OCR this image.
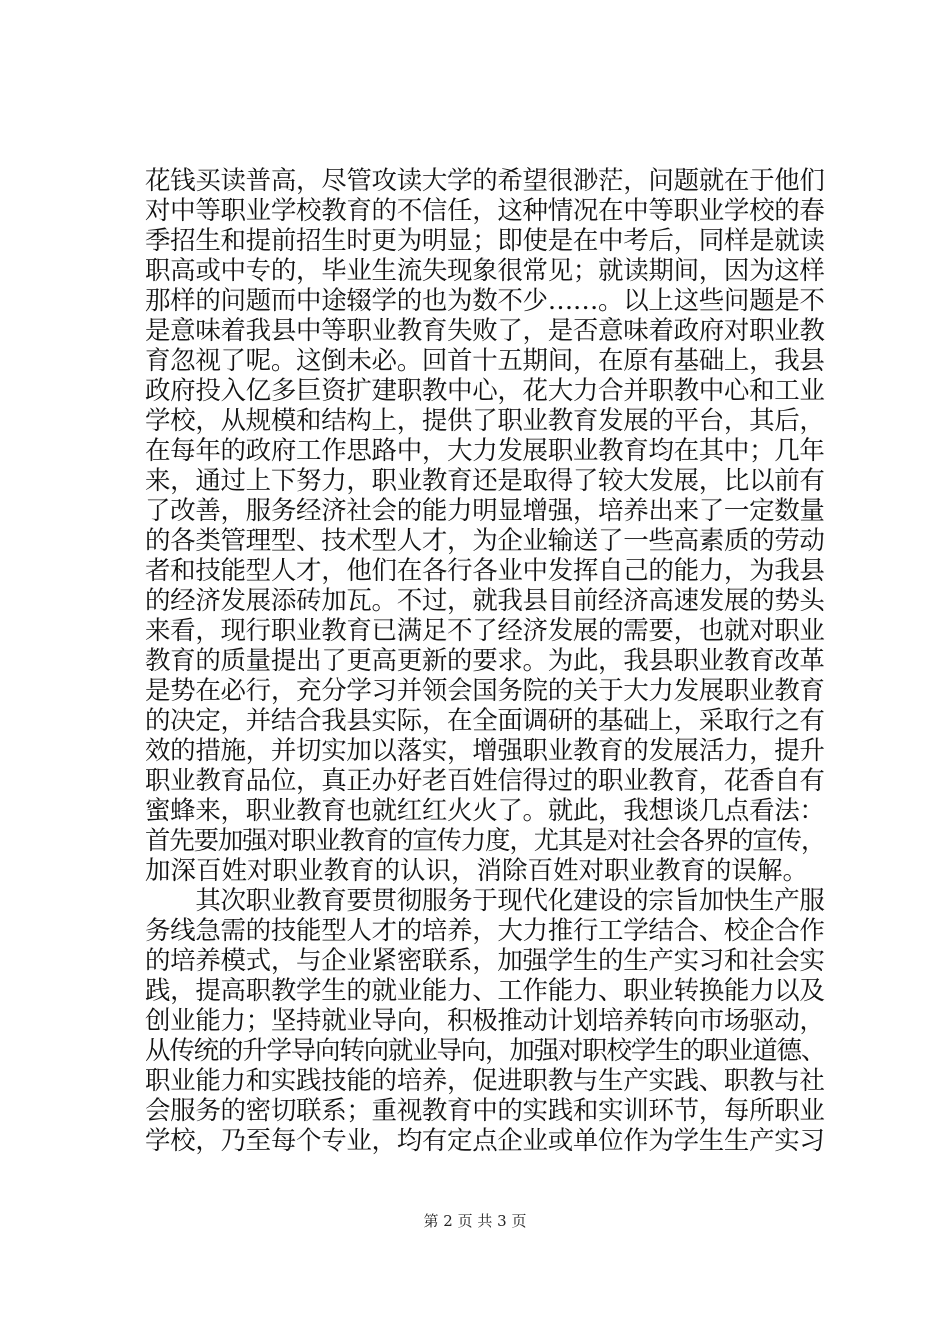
花钱买读普高，尽管攻读大学的希望很渺茫，问题就在于他们
对中等职业学校教育的不信任，这种情况在中等职业学校的春
季招生和提前招生时更为明显；即使是在中考后，同样是就读
职高或中专的，毕业生流失现象很常见；就读期间，因为这样
那样的问题而中途辍学的也为数不少……。以上这些问题是不
是意味着我县中等职业教育失败了，是否意味着政府对职业教
育忽视了呢。这倒未必。回首十五期间，在原有基础上，我县
政府投入亿多巨资扩建职教中心，花大力合并职教中心和工业
学校，从规模和结构上，提供了职业教育发展的平台，其后，
在每年的政府工作思路中，大力发展职业教育均在其中；几年
来，通过上下努力，职业教育还是取得了较大发展，比以前有
了改善，服务经济社会的能力明显增强，培养出来了一定数量
的各类管理型、技术型人才，为企业输送了一些高素质的劳动
者和技能型人才，他们在各行各业中发挥自己的能力，为我县
的经济发展添砖加瓦。不过，就我县目前经济高速发展的势头
来看，现行职业教育已满足不了经济发展的需要，也就对职业
教育的质量提出了更高更新的要求。为此，我县职业教育改革
是势在必行，充分学习并领会国务院的关于大力发展职业教育
的决定，并结合我县实际，在全面调研的基础上，采取行之有
效的措施，并切实加以落实，增强职业教育的发展活力，提升
职业教育品位，真正办好老百姓信得过的职业教育，花香自有
蜜蜂来，职业教育也就红红火火了。就此，我想谈几点看法：
首先要加强对职业教育的宣传力度，尤其是对社会各界的宣传，
加深百姓对职业教育的认识，消除百姓对职业教育的误解。
　　其次职业教育要贯彻服务于现代化建设的宗旨加快生产服
务线急需的技能型人才的培养，大力推行工学结合、校企合作
的培养模式，与企业紧密联系，加强学生的生产实习和社会实
践，提高职教学生的就业能力、工作能力、职业转换能力以及
创业能力；坚持就业导向，积极推动计划培养转向市场驱动，
从传统的升学导向转向就业导向，加强对职校学生的职业道德、
职业能力和实践技能的培养，促进职教与生产实践、职教与社
会服务的密切联系；重视教育中的实践和实训环节，每所职业
学校，乃至每个专业，均有定点企业或单位作为学生生产实习
第 2 页 共 3 页
